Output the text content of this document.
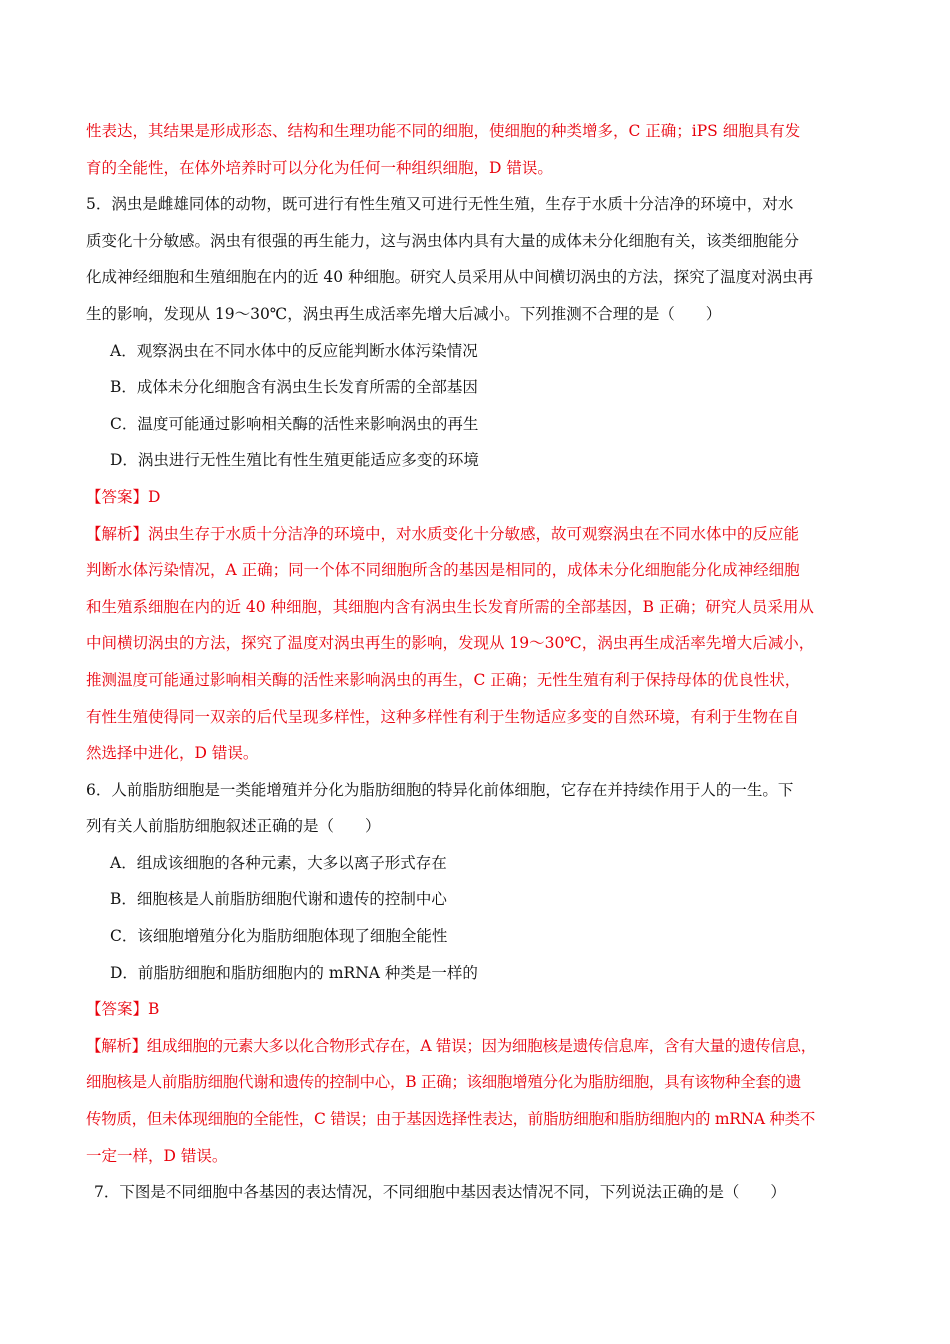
性表达，其结果是形成形态、结构和生理功能不同的细胞，使细胞的种类增多，C 正确；iPS 细胞具有发
育的全能性，在体外培养时可以分化为任何一种组织细胞，D 错误。
5．涡虫是雌雄同体的动物，既可进行有性生殖又可进行无性生殖，生存于水质十分洁净的环境中，对水
质变化十分敏感。涡虫有很强的再生能力，这与涡虫体内具有大量的成体未分化细胞有关，该类细胞能分
化成神经细胞和生殖细胞在内的近 40 种细胞。研究人员采用从中间横切涡虫的方法，探究了温度对涡虫再
生的影响，发现从 19～30℃，涡虫再生成活率先增大后减小。下列推测不合理的是（　　）
A．观察涡虫在不同水体中的反应能判断水体污染情况
B．成体未分化细胞含有涡虫生长发育所需的全部基因
C．温度可能通过影响相关酶的活性来影响涡虫的再生
D．涡虫进行无性生殖比有性生殖更能适应多变的环境
【答案】D
【解析】涡虫生存于水质十分洁净的环境中，对水质变化十分敏感，故可观察涡虫在不同水体中的反应能
判断水体污染情况，A 正确；同一个体不同细胞所含的基因是相同的，成体未分化细胞能分化成神经细胞
和生殖系细胞在内的近 40 种细胞，其细胞内含有涡虫生长发育所需的全部基因，B 正确；研究人员采用从
中间横切涡虫的方法，探究了温度对涡虫再生的影响，发现从 19～30℃，涡虫再生成活率先增大后减小，
推测温度可能通过影响相关酶的活性来影响涡虫的再生，C 正确；无性生殖有利于保持母体的优良性状，
有性生殖使得同一双亲的后代呈现多样性，这种多样性有利于生物适应多变的自然环境，有利于生物在自
然选择中进化，D 错误。
6．人前脂肪细胞是一类能增殖并分化为脂肪细胞的特异化前体细胞，它存在并持续作用于人的一生。下
列有关人前脂肪细胞叙述正确的是（　　）
A．组成该细胞的各种元素，大多以离子形式存在
B．细胞核是人前脂肪细胞代谢和遗传的控制中心
C．该细胞增殖分化为脂肪细胞体现了细胞全能性
D．前脂肪细胞和脂肪细胞内的 mRNA 种类是一样的
【答案】B
【解析】组成细胞的元素大多以化合物形式存在，A 错误；因为细胞核是遗传信息库，含有大量的遗传信息，
细胞核是人前脂肪细胞代谢和遗传的控制中心，B 正确；该细胞增殖分化为脂肪细胞，具有该物种全套的遗
传物质，但未体现细胞的全能性，C 错误；由于基因选择性表达，前脂肪细胞和脂肪细胞内的 mRNA 种类不
一定一样，D 错误。
7．下图是不同细胞中各基因的表达情况，不同细胞中基因表达情况不同，下列说法正确的是（　　）
